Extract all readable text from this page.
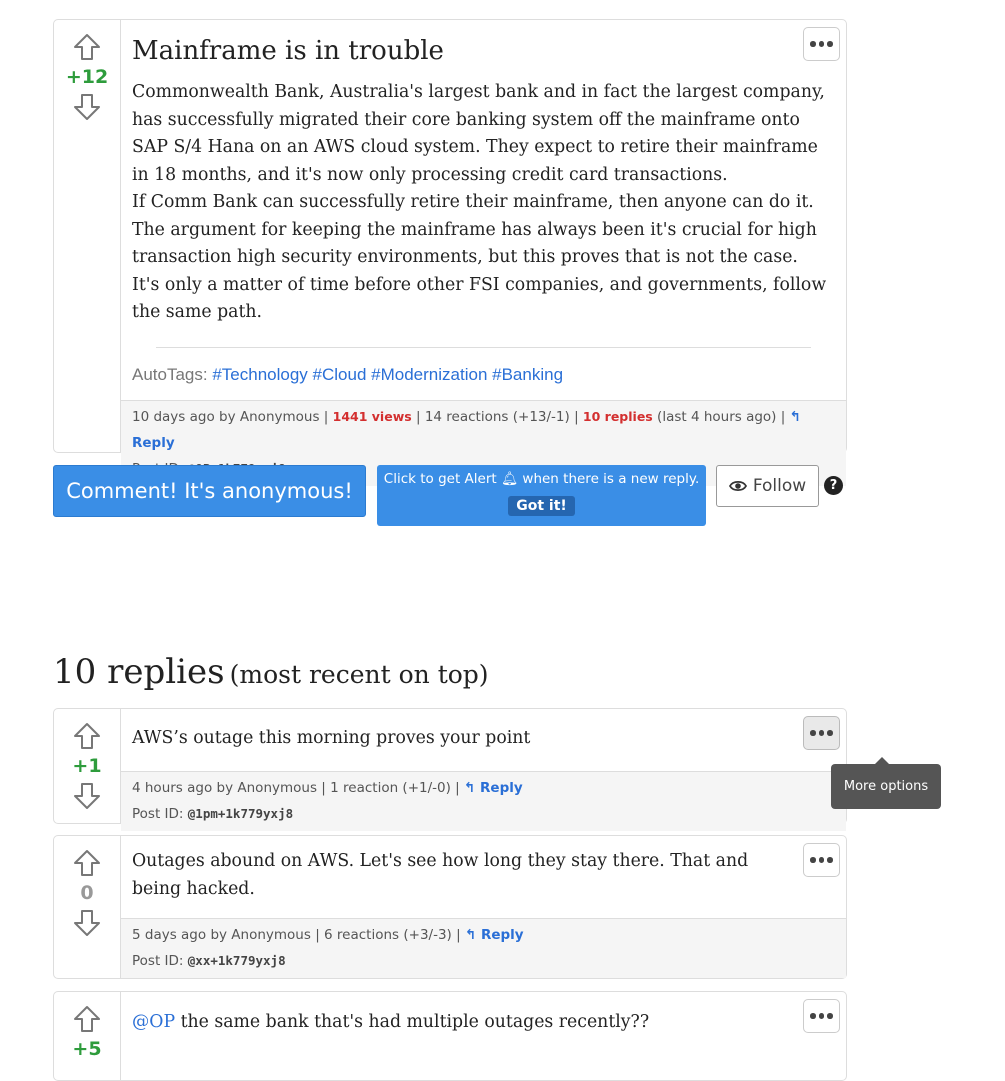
+12
Mainframe is in trouble

Commonwealth Bank, Australia's largest bank and in fact the largest company, has successfully migrated their core banking system off the mainframe onto SAP S/4 Hana on an AWS cloud system. They expect to retire their mainframe in 18 months, and it's now only processing credit card transactions.

If Comm Bank can successfully retire their mainframe, then anyone can do it. The argument for keeping the mainframe has always been it's crucial for high transaction high security environments, but this proves that is not the case.

It's only a matter of time before other FSI companies, and governments, follow the same path.

AutoTags: #Technology #Cloud #Modernization #Banking
10 days ago by Anonymous | 1441 views | 14 reactions (+13/-1) | 10 replies (last 4 hours ago) | ↰ Reply
Comment! It's anonymous!	Click to get Alert 🔔︎ when there is a new reply.
Got it!
Follow	?
10 replies (most recent on top)
+1
AWS’s outage this morning proves your point
4 hours ago by Anonymous | 1 reaction (+1/-0) | ↰ Reply
Post ID: @1pm+1k779yxj8
More options
0
Outages abound on AWS. Let's see how long they stay there. That and being hacked.
5 days ago by Anonymous | 6 reactions (+3/-3) | ↰ Reply
Post ID: @xx+1k779yxj8
+5
@OP the same bank that's had multiple outages recently??
